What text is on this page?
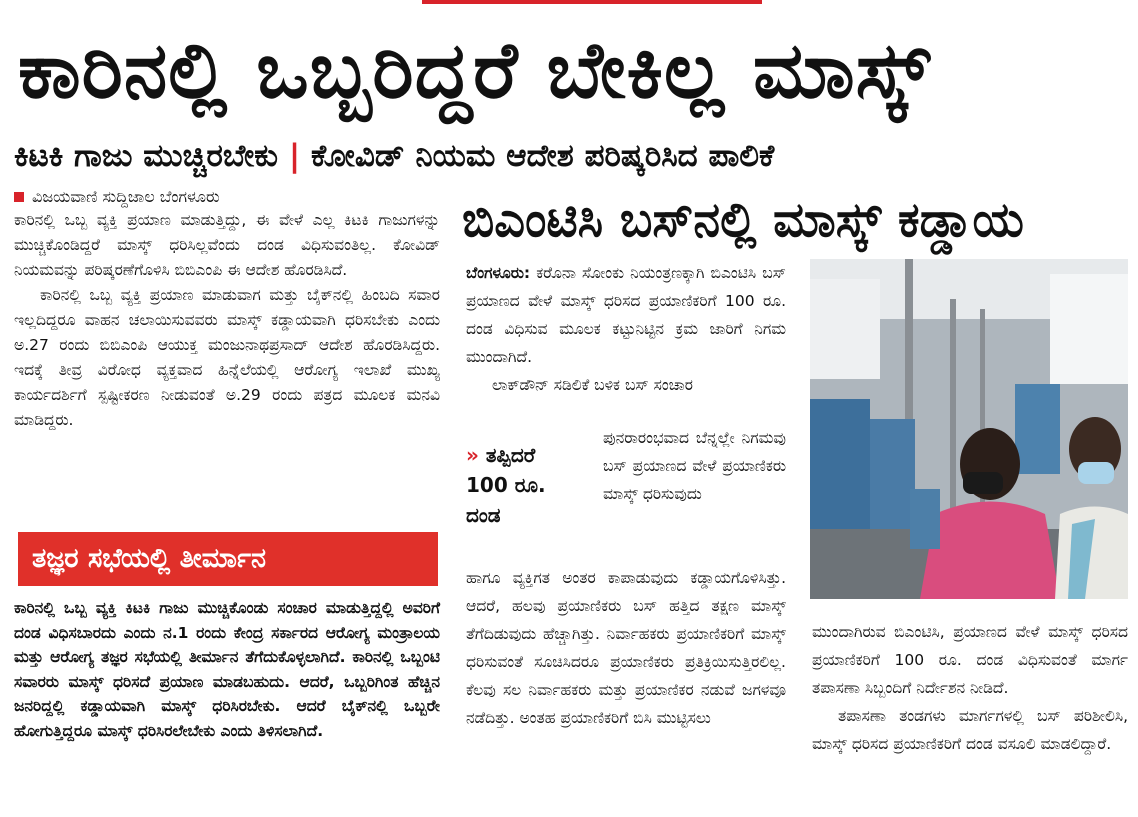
ಕಾರಿನಲ್ಲಿ ಒಬ್ಬರಿದ್ದರೆ ಬೇಕಿಲ್ಲ ಮಾಸ್ಕ್
ಕಿಟಕಿ ಗಾಜು ಮುಚ್ಚಿರಬೇಕು | ಕೋವಿಡ್ ನಿಯಮ ಆದೇಶ ಪರಿಷ್ಕರಿಸಿದ ಪಾಲಿಕೆ
ವಿಜಯವಾಣಿ ಸುದ್ದಿಜಾಲ ಬೆಂಗಳೂರು

ಕಾರಿನಲ್ಲಿ ಒಬ್ಬ ವ್ಯಕ್ತಿ ಪ್ರಯಾಣ ಮಾಡುತ್ತಿದ್ದು, ಈ ವೇಳೆ ಎಲ್ಲ ಕಿಟಕಿ ಗಾಜುಗಳನ್ನು ಮುಚ್ಚಿಕೊಂಡಿದ್ದರೆ ಮಾಸ್ಕ್ ಧರಿಸಿಲ್ಲವೆಂದು ದಂಡ ವಿಧಿಸುವಂತಿಲ್ಲ. ಕೋವಿಡ್ ನಿಯಮವನ್ನು ಪರಿಷ್ಕರಣೆಗೊಳಿಸಿ ಬಿಬಿಎಂಪಿ ಈ ಆದೇಶ ಹೊರಡಿಸಿದೆ.

ಕಾರಿನಲ್ಲಿ ಒಬ್ಬ ವ್ಯಕ್ತಿ ಪ್ರಯಾಣ ಮಾಡುವಾಗ ಮತ್ತು ಬೈಕ್‌ನಲ್ಲಿ ಹಿಂಬದಿ ಸವಾರ ಇಲ್ಲದಿದ್ದರೂ ವಾಹನ ಚಲಾಯಿಸುವವರು ಮಾಸ್ಕ್ ಕಡ್ಡಾಯವಾಗಿ ಧರಿಸಬೇಕು ಎಂದು ಅ.27 ರಂದು ಬಿಬಿಎಂಪಿ ಆಯುಕ್ತ ಮಂಜುನಾಥಪ್ರಸಾದ್ ಆದೇಶ ಹೊರಡಿಸಿದ್ದರು. ಇದಕ್ಕೆ ತೀವ್ರ ವಿರೋಧ ವ್ಯಕ್ತವಾದ ಹಿನ್ನೆಲೆಯಲ್ಲಿ ಆರೋಗ್ಯ ಇಲಾಖೆ ಮುಖ್ಯ ಕಾರ್ಯದರ್ಶಿಗೆ ಸ್ಪಷ್ಟೀಕರಣ ನೀಡುವಂತೆ ಅ.29 ರಂದು ಪತ್ರದ ಮೂಲಕ ಮನವಿ ಮಾಡಿದ್ದರು.

ತಜ್ಞರ ಸಭೆಯಲ್ಲಿ ತೀರ್ಮಾನ

ಕಾರಿನಲ್ಲಿ ಒಬ್ಬ ವ್ಯಕ್ತಿ ಕಿಟಕಿ ಗಾಜು ಮುಚ್ಚಿಕೊಂಡು ಸಂಚಾರ ಮಾಡುತ್ತಿದ್ದಲ್ಲಿ ಅವರಿಗೆ ದಂಡ ವಿಧಿಸಬಾರದು ಎಂದು ನ.1 ರಂದು ಕೇಂದ್ರ ಸರ್ಕಾರದ ಆರೋಗ್ಯ ಮಂತ್ರಾಲಯ ಮತ್ತು ಆರೋಗ್ಯ ತಜ್ಞರ ಸಭೆಯಲ್ಲಿ ತೀರ್ಮಾನ ತೆಗೆದುಕೊಳ್ಳಲಾಗಿದೆ. ಕಾರಿನಲ್ಲಿ ಒಬ್ಬಂಟಿ ಸವಾರರು ಮಾಸ್ಕ್ ಧರಿಸದೆ ಪ್ರಯಾಣ ಮಾಡಬಹುದು. ಆದರೆ, ಒಬ್ಬರಿಗಿಂತ ಹೆಚ್ಚಿನ ಜನರಿದ್ದಲ್ಲಿ ಕಡ್ಡಾಯವಾಗಿ ಮಾಸ್ಕ್ ಧರಿಸಿರಬೇಕು. ಆದರೆ ಬೈಕ್‌ನಲ್ಲಿ ಒಬ್ಬರೇ ಹೋಗುತ್ತಿದ್ದರೂ ಮಾಸ್ಕ್ ಧರಿಸಿರಲೇಬೇಕು ಎಂದು ತಿಳಿಸಲಾಗಿದೆ.

ಬಿಎಂಟಿಸಿ ಬಸ್‌ನಲ್ಲಿ ಮಾಸ್ಕ್ ಕಡ್ಡಾಯ

ಬೆಂಗಳೂರು: ಕರೊನಾ ಸೋಂಕು ನಿಯಂತ್ರಣಕ್ಕಾಗಿ ಬಿಎಂಟಿಸಿ ಬಸ್ ಪ್ರಯಾಣದ ವೇಳೆ ಮಾಸ್ಕ್ ಧರಿಸದ ಪ್ರಯಾಣಿಕರಿಗೆ 100 ರೂ. ದಂಡ ವಿಧಿಸುವ ಮೂಲಕ ಕಟ್ಟುನಿಟ್ಟಿನ ಕ್ರಮ ಜಾರಿಗೆ ನಿಗಮ ಮುಂದಾಗಿದೆ.

ಲಾಕ್‌ಡೌನ್ ಸಡಿಲಿಕೆ ಬಳಿಕ ಬಸ್ ಸಂಚಾರ

» ತಪ್ಪಿದರೆ
100 ರೂ.
ದಂಡ

ಪುನರಾರಂಭವಾದ ಬೆನ್ನಲ್ಲೇ ನಿಗಮವು ಬಸ್ ಪ್ರಯಾಣದ ವೇಳೆ ಪ್ರಯಾಣಿಕರು ಮಾಸ್ಕ್ ಧರಿಸುವುದು

ಹಾಗೂ ವ್ಯಕ್ತಿಗತ ಅಂತರ ಕಾಪಾಡುವುದು ಕಡ್ಡಾಯಗೊಳಿಸಿತ್ತು. ಆದರೆ, ಹಲವು ಪ್ರಯಾಣಿಕರು ಬಸ್ ಹತ್ತಿದ ತಕ್ಷಣ ಮಾಸ್ಕ್ ತೆಗೆದಿಡುವುದು ಹೆಚ್ಚಾಗಿತ್ತು. ನಿರ್ವಾಹಕರು ಪ್ರಯಾಣಿಕರಿಗೆ ಮಾಸ್ಕ್ ಧರಿಸುವಂತೆ ಸೂಚಿಸಿದರೂ ಪ್ರಯಾಣಿಕರು ಪ್ರತಿಕ್ರಿಯಿಸುತ್ತಿರಲಿಲ್ಲ. ಕೆಲವು ಸಲ ನಿರ್ವಾಹಕರು ಮತ್ತು ಪ್ರಯಾಣಿಕರ ನಡುವೆ ಜಗಳವೂ ನಡೆದಿತ್ತು. ಅಂತಹ ಪ್ರಯಾಣಿಕರಿಗೆ ಬಿಸಿ ಮುಟ್ಟಿಸಲು

ಮುಂದಾಗಿರುವ ಬಿಎಂಟಿಸಿ, ಪ್ರಯಾಣದ ವೇಳೆ ಮಾಸ್ಕ್ ಧರಿಸದ ಪ್ರಯಾಣಿಕರಿಗೆ 100 ರೂ. ದಂಡ ವಿಧಿಸುವಂತೆ ಮಾರ್ಗ ತಪಾಸಣಾ ಸಿಬ್ಬಂದಿಗೆ ನಿರ್ದೇಶನ ನೀಡಿದೆ.

ತಪಾಸಣಾ ತಂಡಗಳು ಮಾರ್ಗಗಳಲ್ಲಿ ಬಸ್ ಪರಿಶೀಲಿಸಿ, ಮಾಸ್ಕ್ ಧರಿಸದ ಪ್ರಯಾಣಿಕರಿಗೆ ದಂಡ ವಸೂಲಿ ಮಾಡಲಿದ್ದಾರೆ.
